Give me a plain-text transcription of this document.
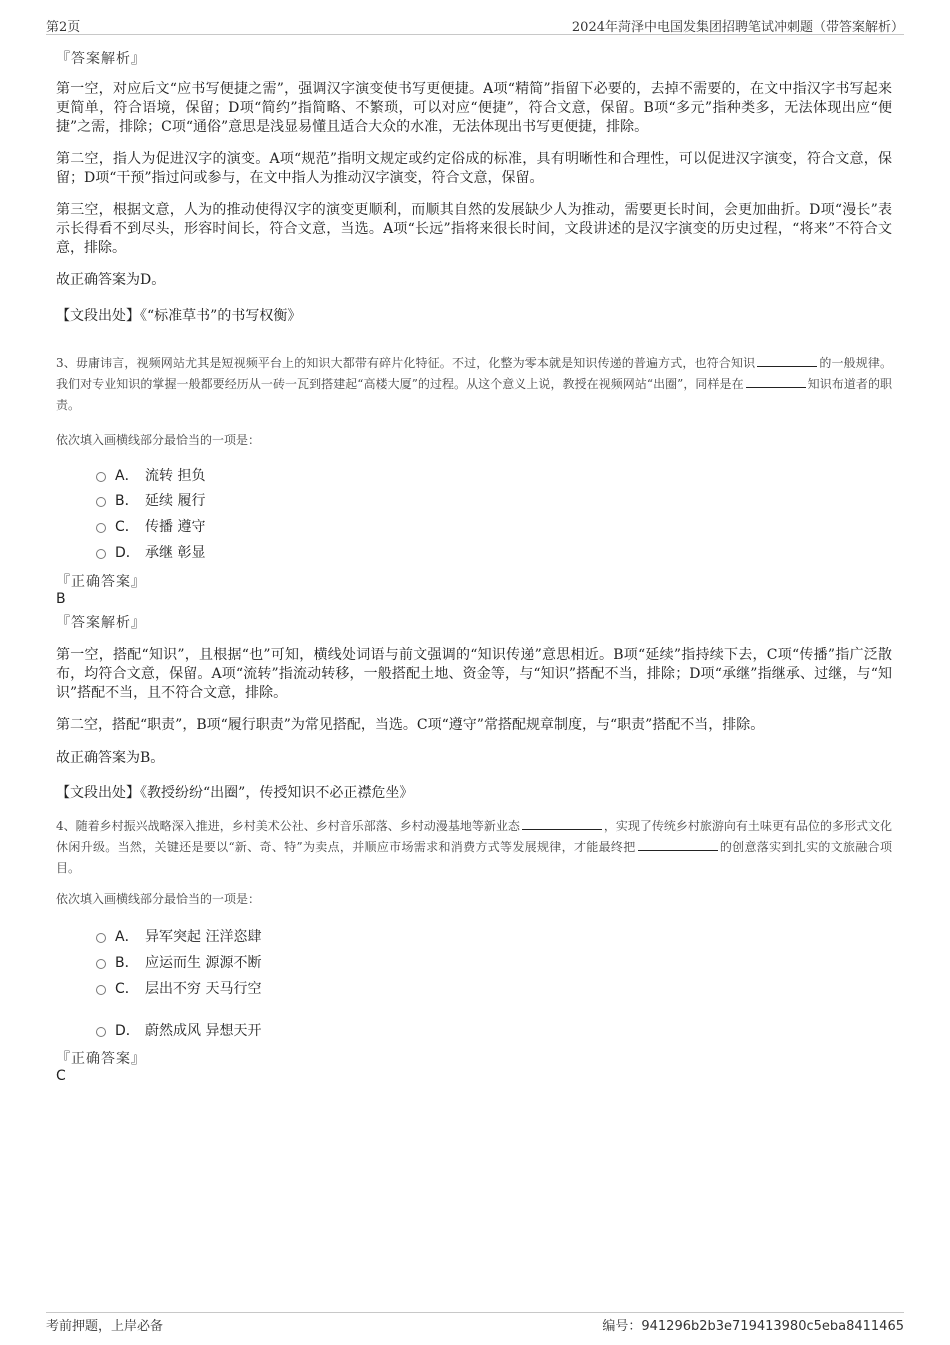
第2页	2024年菏泽中电国发集团招聘笔试冲刺题（带答案解析）
『答案解析』
第一空，对应后文“应书写便捷之需”，强调汉字演变使书写更便捷。A项“精简”指留下必要的，去掉不需要的，在文中指汉字书写起来更简单，符合语境，保留；D项“简约”指简略、不繁琐，可以对应“便捷”，符合文意，保留。B项“多元”指种类多，无法体现出应“便捷”之需，排除；C项“通俗”意思是浅显易懂且适合大众的水准，无法体现出书写更便捷，排除。
第二空，指人为促进汉字的演变。A项“规范”指明文规定或约定俗成的标准，具有明晰性和合理性，可以促进汉字演变，符合文意，保留；D项“干预”指过问或参与，在文中指人为推动汉字演变，符合文意，保留。
第三空，根据文意，人为的推动使得汉字的演变更顺利，而顺其自然的发展缺少人为推动，需要更长时间，会更加曲折。D项“漫长”表示长得看不到尽头，形容时间长，符合文意，当选。A项“长远”指将来很长时间，文段讲述的是汉字演变的历史过程，“将来”不符合文意，排除。
故正确答案为D。
【文段出处】《“标准草书”的书写权衡》
3、毋庸讳言，视频网站尤其是短视频平台上的知识大都带有碎片化特征。不过，化整为零本就是知识传递的普遍方式，也符合知识	的一般规律。我们对专业知识的掌握一般都要经历从一砖一瓦到搭建起“高楼大厦”的过程。从这个意义上说，教授在视频网站“出圈”，同样是在	知识布道者的职责。
依次填入画横线部分最恰当的一项是：
A． 流转 担负
B． 延续 履行
C． 传播 遵守
D． 承继 彰显
『正确答案』
B
『答案解析』
第一空，搭配“知识”，且根据“也”可知，横线处词语与前文强调的“知识传递”意思相近。B项“延续”指持续下去，C项“传播”指广泛散布，均符合文意，保留。A项“流转”指流动转移，一般搭配土地、资金等，与“知识”搭配不当，排除；D项“承继”指继承、过继，与“知识”搭配不当，且不符合文意，排除。
第二空，搭配“职责”，B项“履行职责”为常见搭配，当选。C项“遵守”常搭配规章制度，与“职责”搭配不当，排除。
故正确答案为B。
【文段出处】《教授纷纷“出圈”，传授知识不必正襟危坐》
4、随着乡村振兴战略深入推进，乡村美术公社、乡村音乐部落、乡村动漫基地等新业态	，实现了传统乡村旅游向有土味更有品位的多形式文化休闲升级。当然，关键还是要以“新、奇、特”为卖点，并顺应市场需求和消费方式等发展规律，才能最终把	的创意落实到扎实的文旅融合项目。
依次填入画横线部分最恰当的一项是：
A． 异军突起 汪洋恣肆
B． 应运而生 源源不断
C． 层出不穷 天马行空
D． 蔚然成风 异想天开
『正确答案』
C
考前押题，上岸必备	编号：941296b2b3e719413980c5eba8411465
